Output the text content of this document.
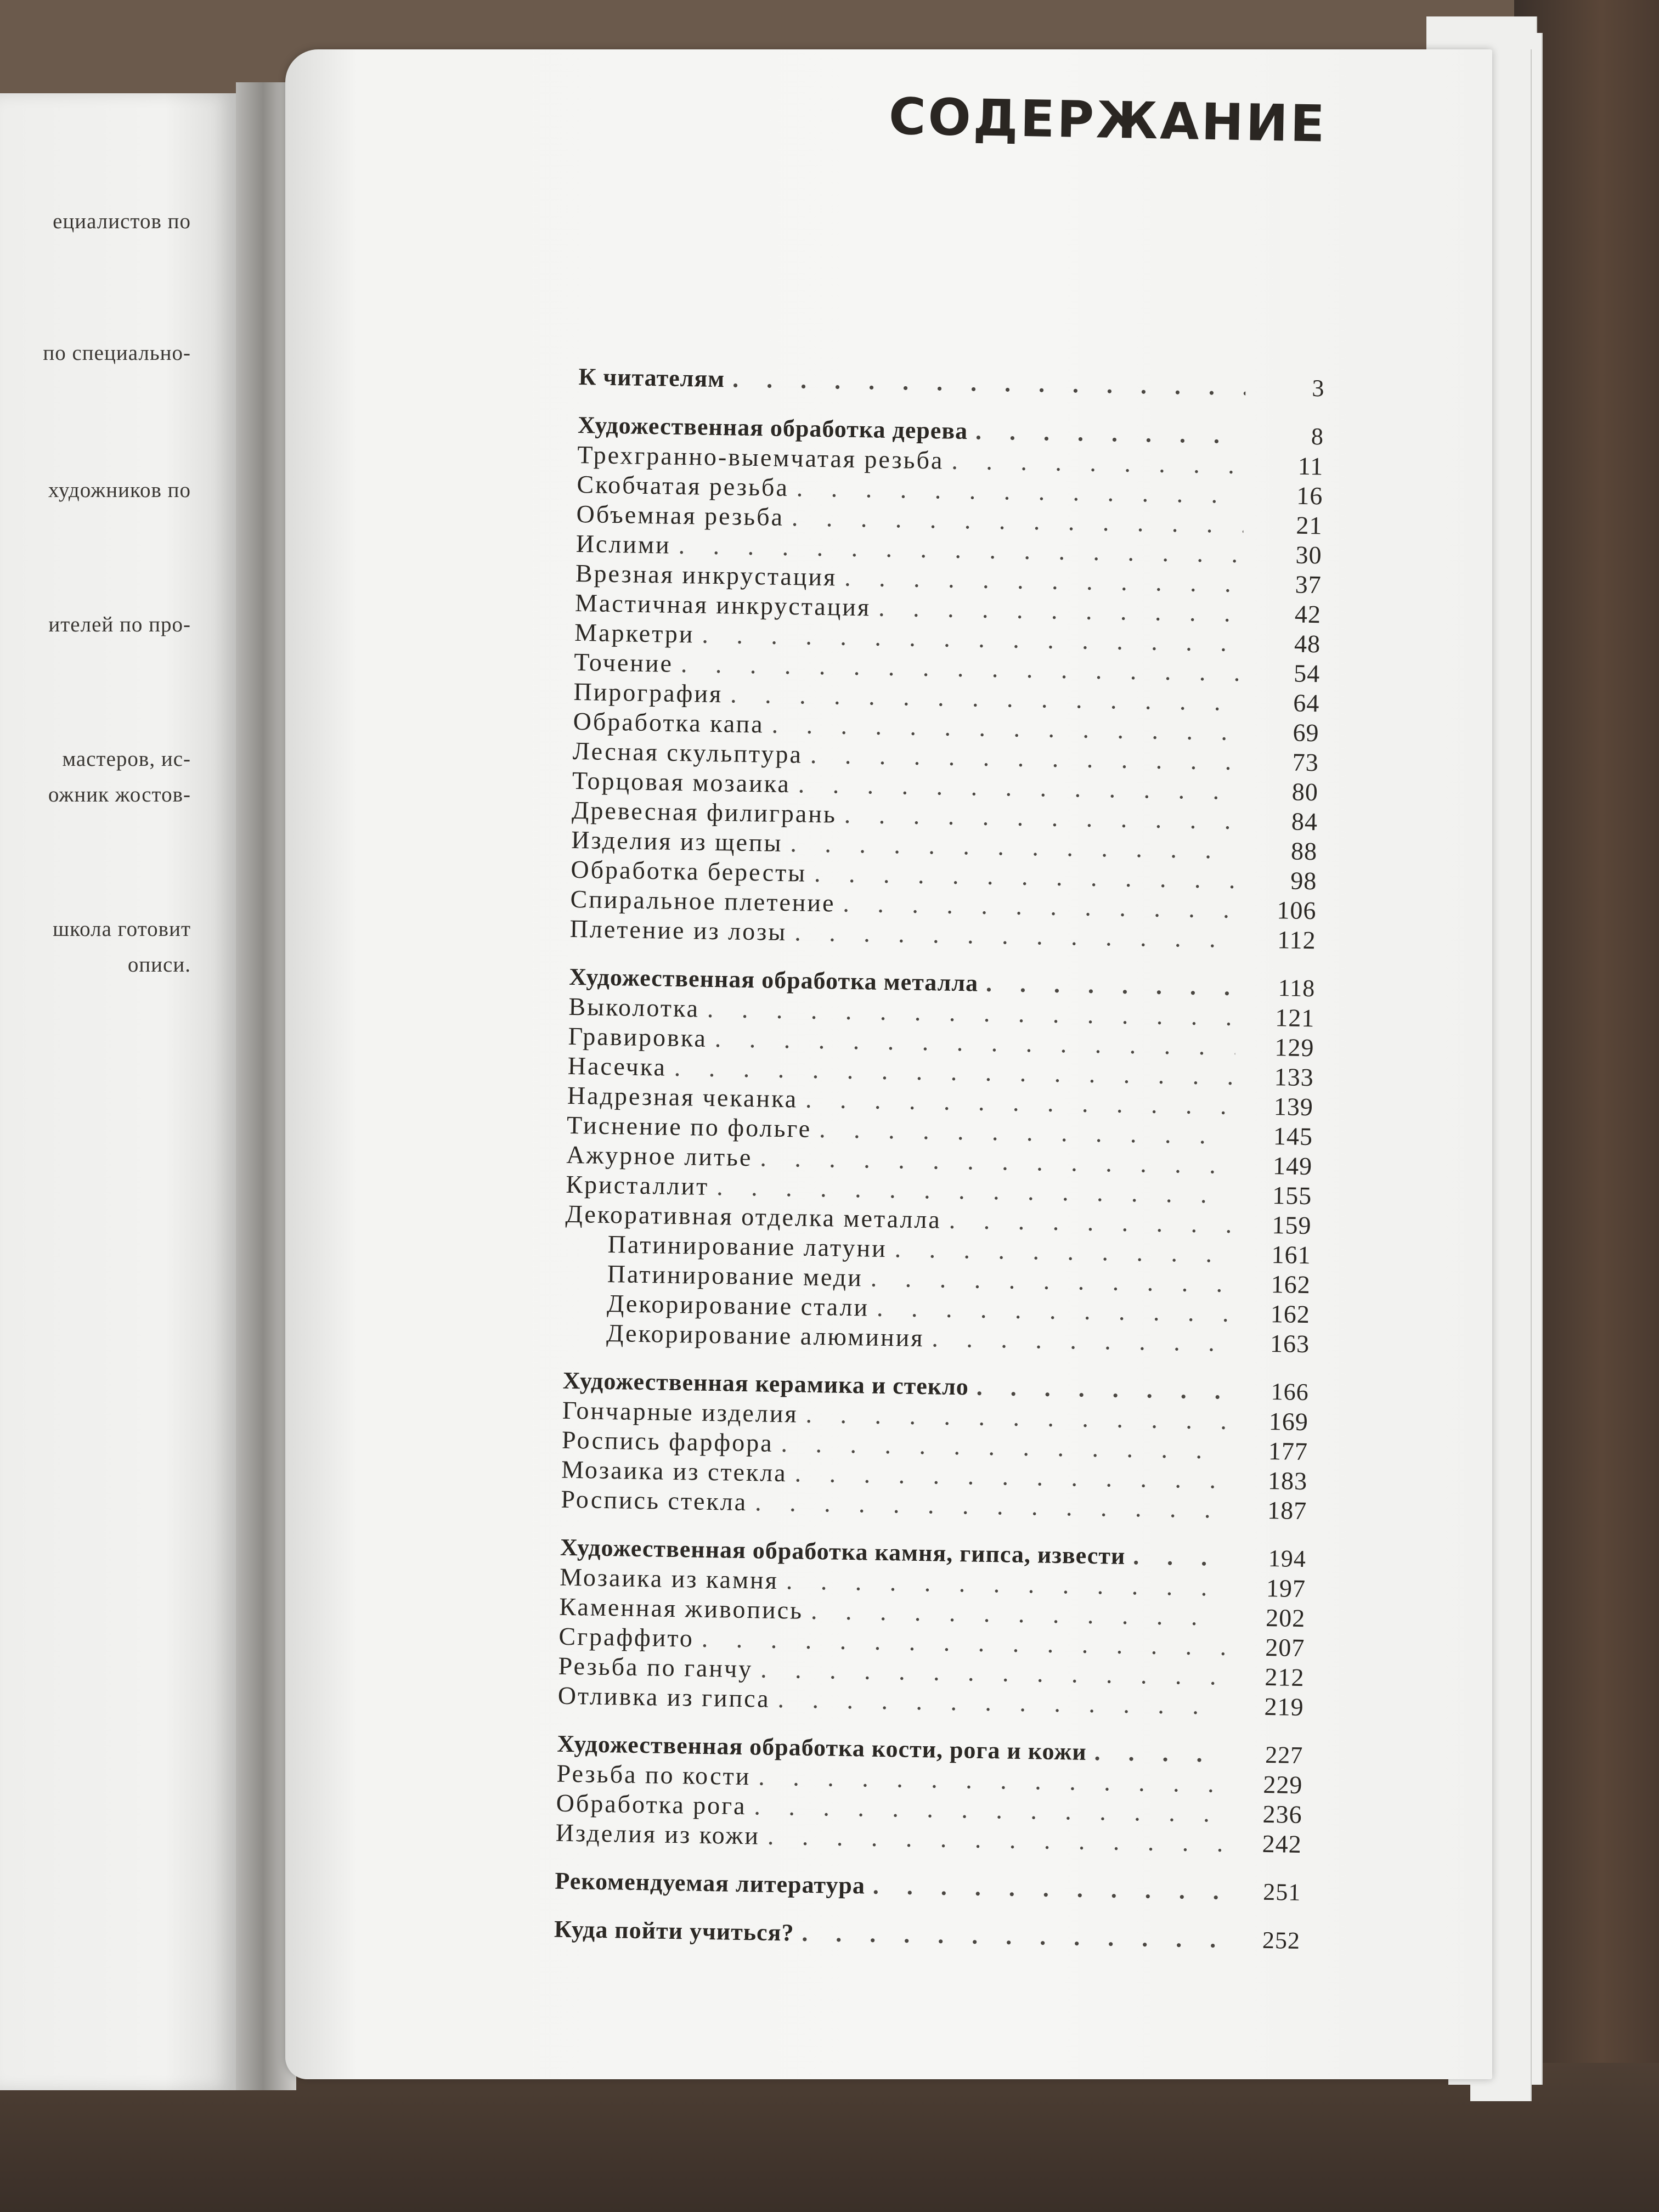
ециалистов по
по специально-
художников по
ителей по про-
мастеров, ис-
ожник жостов-
школа готовит
описи.
СОДЕРЖАНИЕ
К читателям . . .	3
Художественная обработка дерева . . .	8
Трехгранно-выемчатая резьба . . .	11
Скобчатая резьба . . .	16
Объемная резьба . . .	21
Ислими . . .	30
Врезная инкрустация . . .	37
Мастичная инкрустация . . .	42
Маркетри . . .	48
Точение . . .	54
Пирография . . .	64
Обработка капа . . .	69
Лесная скульптура . . .	73
Торцовая мозаика . . .	80
Древесная филигрань . . .	84
Изделия из щепы . . .	88
Обработка бересты . . .	98
Спиральное плетение . . .	106
Плетение из лозы . . .	112
Художественная обработка металла . . .	118
Выколотка . . .	121
Гравировка . . .	129
Насечка . . .	133
Надрезная чеканка . . .	139
Тиснение по фольге . . .	145
Ажурное литье . . .	149
Кристаллит . . .	155
Декоративная отделка металла . . .	159
Патинирование латуни . . .	161
Патинирование меди . . .	162
Декорирование стали . . .	162
Декорирование алюминия . . .	163
Художественная керамика и стекло . . .	166
Гончарные изделия . . .	169
Роспись фарфора . . .	177
Мозаика из стекла . . .	183
Роспись стекла . . .	187
Художественная обработка камня, гипса, извести . . .	194
Мозаика из камня . . .	197
Каменная живопись . . .	202
Сграффито . . .	207
Резьба по ганчу . . .	212
Отливка из гипса . . .	219
Художественная обработка кости, рога и кожи . . .	227
Резьба по кости . . .	229
Обработка рога . . .	236
Изделия из кожи . . .	242
Рекомендуемая литература . . .	251
Куда пойти учиться? . . .	252
